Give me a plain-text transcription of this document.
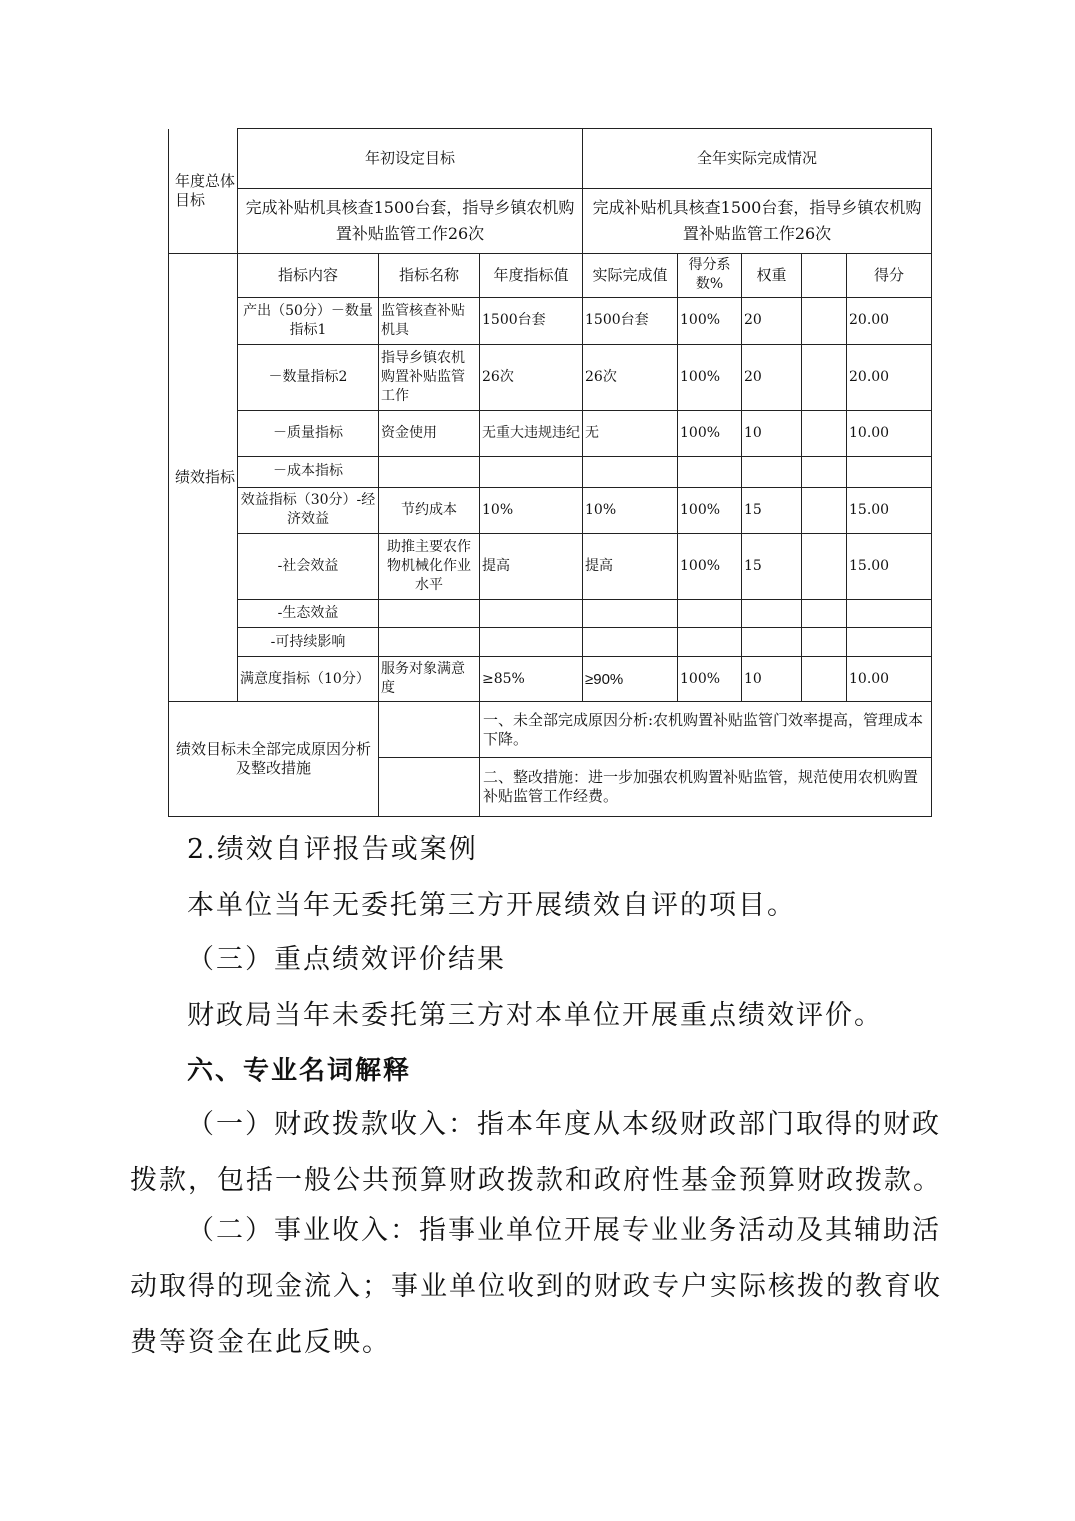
年度总体目标	年初设定目标			全年实际完成情况				
	完成补贴机具核查1500台套，指导乡镇农机购置补贴监管工作26次			完成补贴机具核查1500台套，指导乡镇农机购置补贴监管工作26次				
绩效指标	指标内容	指标名称	年度指标值	实际完成值	得分系数%	权重		得分
	产出（50分）－数量指标1	监管核查补贴机具	1500台套	1500台套	100%	20		20.00
	－数量指标2	指导乡镇农机购置补贴监管工作	26次	26次	100%	20		20.00
	－质量指标	资金使用	无重大违规违纪	无	100%	10		10.00
	－成本指标							
	效益指标（30分）-经济效益	节约成本	10%	10%	100%	15		15.00
	-社会效益	助推主要农作物机械化作业水平	提高	提高	100%	15		15.00
	-生态效益							
	-可持续影响							
	满意度指标（10分）	服务对象满意度	≥85%	≥90%	100%	10		10.00
绩效目标未全部完成原因分析及整改措施			一、未全部完成原因分析:农机购置补贴监管门效率提高，管理成本下降。					
			二、整改措施：进一步加强农机购置补贴监管，规范使用农机购置补贴监管工作经费。					
2.绩效自评报告或案例
本单位当年无委托第三方开展绩效自评的项目。
（三）重点绩效评价结果
财政局当年未委托第三方对本单位开展重点绩效评价。
六、专业名词解释
（一）财政拨款收入：指本年度从本级财政部门取得的财政
拨款，包括一般公共预算财政拨款和政府性基金预算财政拨款。
（二）事业收入：指事业单位开展专业业务活动及其辅助活
动取得的现金流入；事业单位收到的财政专户实际核拨的教育收
费等资金在此反映。
